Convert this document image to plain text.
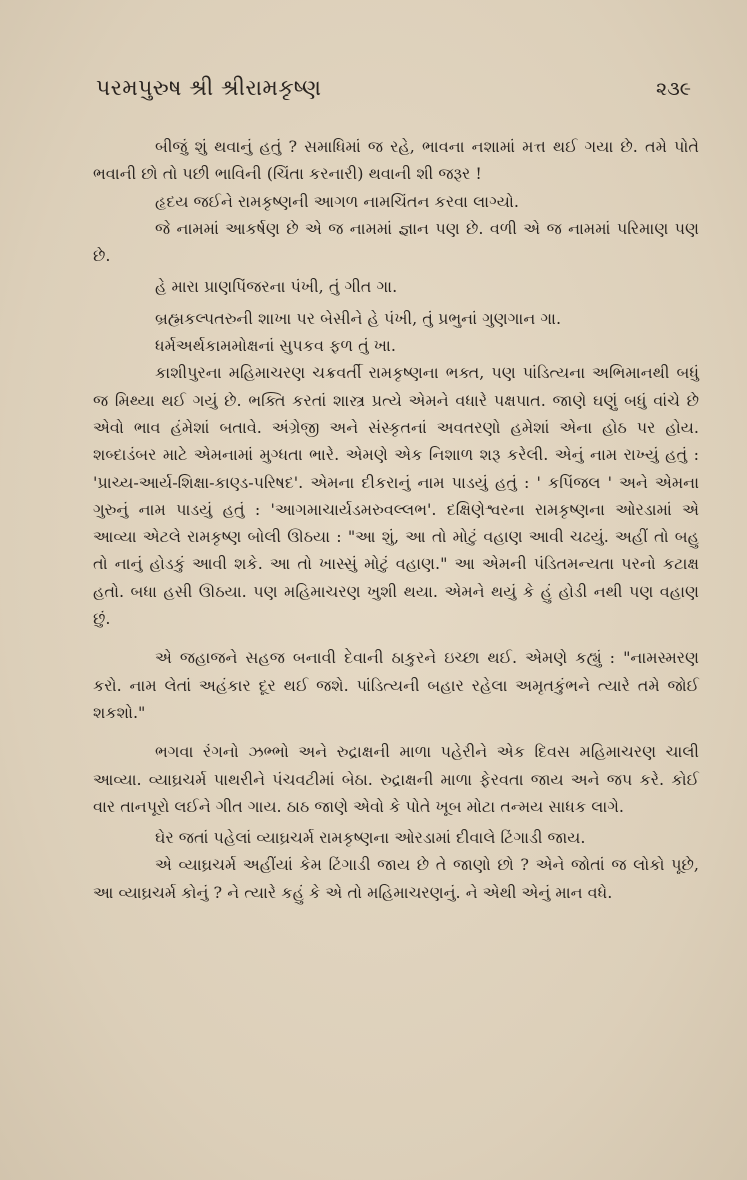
પરમપુરુષ શ્રી શ્રીરામકૃષ્ણ	૨૩૯

બીજું શું થવાનું હતું ? સમાધિમાં જ રહે, ભાવના નશામાં મત્ત થઈ ગયા છે. તમે પોતે ભવાની છો તો પછી ભાવિની (ચિંતા કરનારી) થવાની શી જરૂર !

હૃદય જઈને રામકૃષ્ણની આગળ નામચિંતન કરવા લાગ્યો.

જે નામમાં આકર્ષણ છે એ જ નામમાં જ્ઞાન પણ છે. વળી એ જ નામમાં પરિમાણ પણ છે.

હે મારા પ્રાણપિંજરના પંખી, તું ગીત ગા.

બ્રહ્મકલ્પતરુની શાખા પર બેસીને હે પંખી, તું પ્રભુનાં ગુણગાન ગા.

ધર્મઅર્થકામમોક્ષનાં સુપકવ ફળ તું ખા.

કાશીપુરના મહિમાચરણ ચક્રવર્તી રામકૃષ્ણના ભક્ત, પણ પાંડિત્યના અભિમાનથી બધું જ મિથ્યા થઈ ગયું છે. ભક્તિ કરતાં શાસ્ત્ર પ્રત્યે એમને વધારે પક્ષપાત. જાણે ઘણું બધું વાંચે છે એવો ભાવ હંમેશાં બતાવે. અંગ્રેજી અને સંસ્કૃતનાં અવતરણો હમેશાં એના હોઠ પર હોય. શબ્દાડંબર માટે એમનામાં મુગ્ધતા ભારે. એમણે એક નિશાળ શરૂ કરેલી. એનું નામ રાખ્યું હતું : 'પ્રાચ્ય-આર્ય-શિક્ષા-કાણ્ડ-પરિષદ'. એમના દીકરાનું નામ પાડયું હતું : ' કપિંજલ ' અને એમના ગુરુનું નામ પાડયું હતું : 'આગમાચાર્યડમરુવલ્લભ'. દક્ષિણેશ્વરના રામકૃષ્ણના ઓરડામાં એ આવ્યા એટલે રામકૃષ્ણ બોલી ઊઠયા : "આ શું, આ તો મોટું વહાણ આવી ચઢયું. અહીં તો બહુ તો નાનું હોડકું આવી શકે. આ તો ખાસ્સું મોટું વહાણ." આ એમની પંડિતમન્યતા પરનો કટાક્ષ હતો. બધા હસી ઊઠયા. પણ મહિમાચરણ ખુશી થયા. એમને થયું કે હું હોડી નથી પણ વહાણ છું.

એ જહાજને સહજ બનાવી દેવાની ઠાકુરને ઇચ્છા થઈ. એમણે કહ્યું : "નામસ્મરણ કરો. નામ લેતાં અહંકાર દૂર થઈ જશે. પાંડિત્યની બહાર રહેલા અમૃતકુંભને ત્યારે તમે જોઈ શકશો."

ભગવા રંગનો ઝભ્ભો અને રુદ્રાક્ષની માળા પહેરીને એક દિવસ મહિમાચરણ ચાલી આવ્યા. વ્યાઘ્રચર્મ પાથરીને પંચવટીમાં બેઠા. રુદ્રાક્ષની માળા ફેરવતા જાય અને જપ કરે. કોઈ વાર તાનપૂરો લઈને ગીત ગાય. ઠાઠ જાણે એવો કે પોતે ખૂબ મોટા તન્મય સાધક લાગે.

ઘેર જતાં પહેલાં વ્યાઘ્રચર્મ રામકૃષ્ણના ઓરડામાં દીવાલે ટિંગાડી જાય.

એ વ્યાઘ્રચર્મ અહીંયાં કેમ ટિંગાડી જાય છે તે જાણો છો ? એને જોતાં જ લોકો પૂછે, આ વ્યાઘ્રચર્મ કોનું ? ને ત્યારે કહું કે એ તો મહિમાચરણનું. ને એથી એનું માન વધે.
